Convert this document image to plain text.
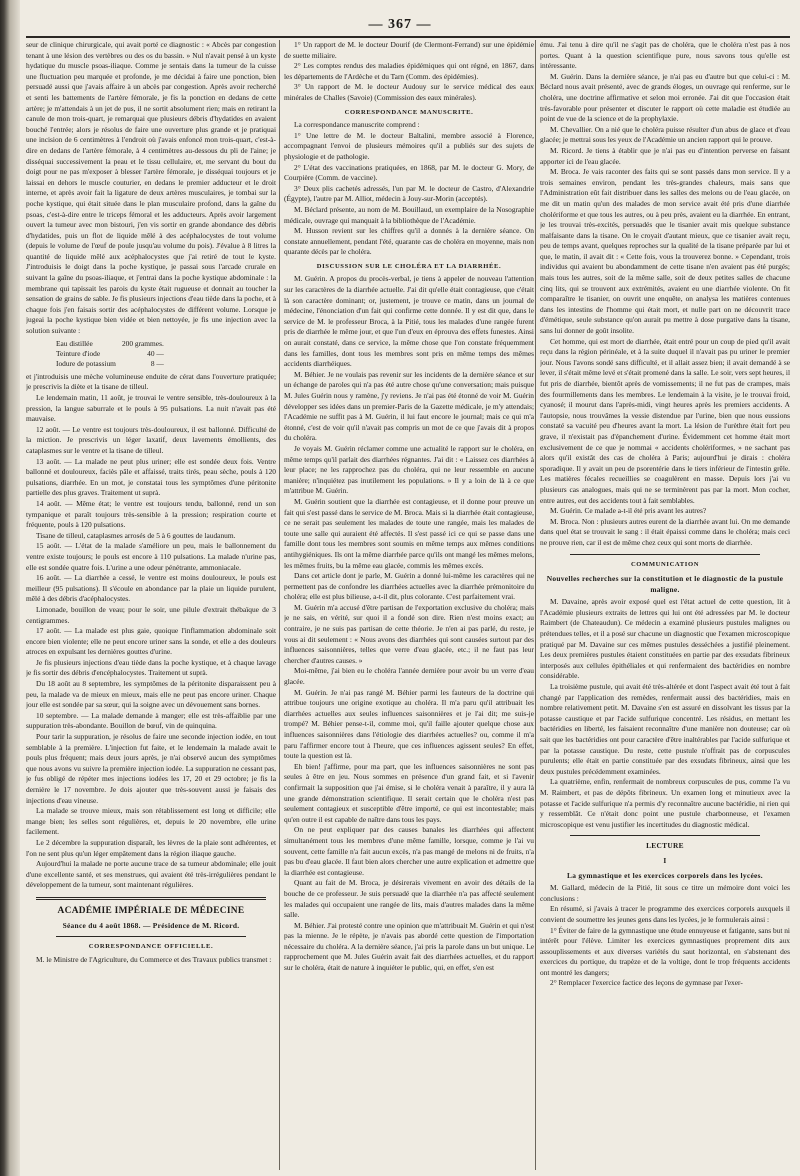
— 367 —

seur de clinique chirurgicale, qui avait porté ce diagnostic : « Abcès par congestion tenant à une lésion des vertèbres ou des os du bassin. » Nul n'avait pensé à un kyste hydatique du muscle psoas-iliaque. Comme je sentais dans la tumeur de la cuisse une fluctuation peu marquée et profonde, je me décidai à faire une ponction, bien persuadé aussi que j'avais affaire à un abcès par congestion. Après avoir recherché et senti les battements de l'artère fémorale, je fis la ponction en dedans de cette artère; je m'attendais à un jet de pus, il ne sortit absolument rien; mais en retirant la canule de mon trois-quart, je remarquai que plusieurs débris d'hydatides en avaient bouché l'entrée; alors je résolus de faire une ouverture plus grande et je pratiquai une incision de 6 centimètres à l'endroit où j'avais enfoncé mon trois-quart, c'est-à-dire en dedans de l'artère fémorale, à 4 centimètres au-dessous du pli de l'aine; je disséquai successivement la peau et le tissu cellulaire, et, me servant du bout du doigt pour ne pas m'exposer à blesser l'artère fémorale, je disséquai toujours et je laissai en dehors le muscle couturier, en dedans le premier adducteur et le droit interne, et après avoir fait la ligature de deux artères musculaires, je tombai sur la poche kystique, qui était située dans le plan musculaire profond, dans la gaîne du psoas, c'est-à-dire entre le triceps fémoral et les adducteurs. Après avoir largement ouvert la tumeur avec mon bistouri, j'en vis sortir en grande abondance des débris d'hydatides, puis un flot de liquide mêlé à des acéphalocystes de tout volume (depuis le volume de l'œuf de poule jusqu'au volume du pois). J'évalue à 8 litres la quantité de liquide mêlé aux acéphalocystes que j'ai retiré de tout le kyste. J'introduisis le doigt dans la poche kystique, je passai sous l'arcade crurale en suivant la gaîne du psoas-iliaque, et j'entrai dans la poche kystique abdominale : la membrane qui tapissait les parois du kyste était rugueuse et donnait au toucher la sensation de grains de sable. Je fis plusieurs injections d'eau tiède dans la poche, et à chaque fois j'en faisais sortir des acéphalocystes de différent volume. Lorsque je jugeai la poche kystique bien vidée et bien nettoyée, je fis une injection avec la solution suivante :

Eau distillée	200 grammes.
Teinture d'iode	40 —
Iodure de potassium	8 —

et j'introduisis une mèche volumineuse enduite de cérat dans l'ouverture pratiquée; je prescrivis la diète et la tisane de tilleul.

Le lendemain matin, 11 août, je trouvai le ventre sensible, très-douloureux à la pression, la langue saburrale et le pouls à 95 pulsations. La nuit n'avait pas été mauvaise.

12 août. — Le ventre est toujours très-douloureux, il est ballonné. Difficulté de la miction. Je prescrivis un léger laxatif, deux lavements émollients, des cataplasmes sur le ventre et la tisane de tilleul.

13 août. — La malade ne peut plus uriner; elle est sondée deux fois. Ventre ballonné et douloureux, faciès pâle et affaissé, traits tirés, peau sèche, pouls à 120 pulsations, diarrhée. En un mot, je constatai tous les symptômes d'une péritonite partielle des plus graves. Traitement ut suprà.

14 août. — Même état; le ventre est toujours tendu, ballonné, rend un son tympanique et paraît toujours très-sensible à la pression; respiration courte et fréquente, pouls à 120 pulsations.

Tisane de tilleul, cataplasmes arrosés de 5 à 6 gouttes de laudanum.

15 août. — L'état de la malade s'améliore un peu, mais le ballonnement du ventre existe toujours; le pouls est encore à 110 pulsations. La malade n'urine pas, elle est sondée quatre fois. L'urine a une odeur pénétrante, ammoniacale.

16 août. — La diarrhée a cessé, le ventre est moins douloureux, le pouls est meilleur (95 pulsations). Il s'écoule en abondance par la plaie un liquide purulent, mêlé à des débris d'acéphalocystes.

Limonade, bouillon de veau; pour le soir, une pilule d'extrait thébaïque de 3 centigrammes.

17 août. — La malade est plus gaie, quoique l'inflammation abdominale soit encore bien violente; elle ne peut encore uriner sans la sonde, et elle a des douleurs atroces en expulsant les dernières gouttes d'urine.

Je fis plusieurs injections d'eau tiède dans la poche kystique, et à chaque lavage je fis sortir des débris d'encéphalocystes. Traitement ut suprà.

Du 18 août au 8 septembre, les symptômes de la péritonite disparaissent peu à peu, la malade va de mieux en mieux, mais elle ne peut pas encore uriner. Chaque jour elle est sondée par sa sœur, qui la soigne avec un dévouement sans bornes.

10 septembre. — La malade demande à manger; elle est très-affaiblie par une suppuration très-abondante. Bouillon de bœuf, vin de quinquina.

Pour tarir la suppuration, je résolus de faire une seconde injection iodée, en tout semblable à la première. L'injection fut faite, et le lendemain la malade avait le pouls plus fréquent; mais deux jours après, je n'ai observé aucun des symptômes que nous avons vu suivre la première injection iodée. La suppuration ne cessant pas, je fus obligé de répéter mes injections iodées les 17, 20 et 29 octobre; je fis la dernière le 17 novembre. Je dois ajouter que très-souvent aussi je faisais des injections d'eau vineuse.

La malade se trouve mieux, mais son rétablissement est long et difficile; elle mange bien; les selles sont régulières, et, depuis le 20 novembre, elle urine facilement.

Le 2 décembre la suppuration disparaît, les lèvres de la plaie sont adhérentes, et l'on ne sent plus qu'un léger empâtement dans la région iliaque gauche.

Aujourd'hui la malade ne porte aucune trace de sa tumeur abdominale; elle jouit d'une excellente santé, et ses menstrues, qui avaient été très-irrégulières pendant le développement de la tumeur, sont maintenant régulières.

ACADÉMIE IMPÉRIALE DE MÉDECINE
Séance du 4 août 1868. — Présidence de M. Ricord.
CORRESPONDANCE OFFICIELLE.

M. le Ministre de l'Agriculture, du Commerce et des Travaux publics transmet :

1° Un rapport de M. le docteur Dourif (de Clermont-Ferrand) sur une épidémie de suette miliaire.

2° Les comptes rendus des maladies épidémiques qui ont régné, en 1867, dans les départements de l'Ardèche et du Tarn (Comm. des épidémies).

3° Un rapport de M. le docteur Audouy sur le service médical des eaux minérales de Challes (Savoie) (Commission des eaux minérales).

CORRESPONDANCE MANUSCRITE.

La correspondance manuscrite comprend :

1° Une lettre de M. le docteur Baltalini, membre associé à Florence, accompagnant l'envoi de plusieurs mémoires qu'il a publiés sur des sujets de physiologie et de pathologie.

2° L'état des vaccinations pratiquées, en 1868, par M. le docteur G. Mory, de Courpière (Comm. de vaccine).

3° Deux plis cachetés adressés, l'un par M. le docteur de Castro, d'Alexandrie (Égypte), l'autre par M. Alliot, médecin à Jouy-sur-Morin (acceptés).

M. Béclard présente, au nom de M. Bouillaud, un exemplaire de la Nosographie médicale, ouvrage qui manquait à la bibliothèque de l'Académie.

M. Husson revient sur les chiffres qu'il a donnés à la dernière séance. On constate annuellement, pendant l'été, quarante cas de choléra en moyenne, mais non quarante décès par le choléra.

DISCUSSION SUR LE CHOLÉRA ET LA DIARRHÉE.

M. Guérin. A propos du procès-verbal, je tiens à appeler de nouveau l'attention sur les caractères de la diarrhée actuelle. J'ai dit qu'elle était contagieuse, que c'était là son caractère dominant; or, justement, je trouve ce matin, dans un journal de médecine, l'énonciation d'un fait qui confirme cette donnée. Il y est dit que, dans le service de M. le professeur Broca, à la Pitié, tous les malades d'une rangée furent pris de diarrhée le même jour, et que l'un d'eux en éprouva des effets funestes. Ainsi on aurait constaté, dans ce service, la même chose que l'on constate fréquemment dans les familles, dont tous les membres sont pris en même temps des mêmes accidents diarrhéiques.

M. Béhier. Je ne voulais pas revenir sur les incidents de la dernière séance et sur un échange de paroles qui n'a pas été autre chose qu'une conversation; mais puisque M. Jules Guérin nous y ramène, j'y reviens. Je n'ai pas été étonné de voir M. Guérin développer ses idées dans un premier-Paris de la Gazette médicale, je m'y attendais; l'Académie ne suffit pas à M. Guérin, il lui faut encore le journal; mais ce qui m'a étonné, c'est de voir qu'il n'avait pas compris un mot de ce que j'avais dit à propos du choléra.

Je voyais M. Guérin réclamer comme une actualité le rapport sur le choléra, en même temps qu'il parlait des diarrhées régnantes. J'ai dit : « Laissez ces diarrhées à leur place; ne les rapprochez pas du choléra, qui ne leur ressemble en aucune manière; n'inquiétez pas inutilement les populations. » Il y a loin de là à ce que m'attribue M. Guérin.

M. Guérin soutient que la diarrhée est contagieuse, et il donne pour preuve un fait qui s'est passé dans le service de M. Broca. Mais si la diarrhée était contagieuse, ce ne serait pas seulement les malades de toute une rangée, mais les malades de toute une salle qui auraient été affectés. Il s'est passé ici ce qui se passe dans une famille dont tous les membres sont soumis en même temps aux mêmes conditions antihygiéniques. Ils ont la même diarrhée parce qu'ils ont mangé les mêmes melons, les mêmes fruits, bu la même eau glacée, commis les mêmes excès.

Dans cet article dont je parle, M. Guérin a donné lui-même les caractères qui ne permettent pas de confondre les diarrhées actuelles avec la diarrhée prémonitoire du choléra; elle est plus bilieuse, a-t-il dit, plus colorante. C'est parfaitement vrai.

M. Guérin m'a accusé d'être partisan de l'exportation exclusive du choléra; mais je ne sais, en vérité, sur quoi il a fondé son dire. Rien n'est moins exact; au contraire, je ne suis pas partisan de cette théorie. Je n'en ai pas parlé, du reste, je vous ai dit seulement : « Nous avons des diarrhées qui sont causées surtout par des influences saisonnières, telles que verre d'eau glacée, etc.; il ne faut pas leur chercher d'autres causes. »

Moi-même, j'ai bien eu le choléra l'année dernière pour avoir bu un verre d'eau glacée.

M. Guérin. Je n'ai pas rangé M. Béhier parmi les fauteurs de la doctrine qui attribue toujours une origine exotique au choléra. Il m'a paru qu'il attribuait les diarrhées actuelles aux seules influences saisonnières et je l'ai dit; me suis-je trompé? M. Béhier pense-t-il, comme moi, qu'il faille ajouter quelque chose aux influences saisonnières dans l'étiologie des diarrhées actuelles? ou, comme il m'a paru l'affirmer encore tout à l'heure, que ces influences agissent seules? En effet, toute la question est là.

Eh bien! j'affirme, pour ma part, que les influences saisonnières ne sont pas seules à être en jeu. Nous sommes en présence d'un grand fait, et si l'avenir confirmait la supposition que j'ai émise, si le choléra venait à paraître, il y aura là une grande démonstration scientifique. Il serait certain que le choléra n'est pas seulement contagieux et susceptible d'être importé, ce qui est incontestable; mais qu'en outre il est capable de naître dans tous les pays.

On ne peut expliquer par des causes banales les diarrhées qui affectent simultanément tous les membres d'une même famille, lorsque, comme je l'ai vu souvent, cette famille n'a fait aucun excès, n'a pas mangé de melons ni de fruits, n'a pas bu d'eau glacée. Il faut bien alors chercher une autre explication et admettre que la diarrhée est contagieuse.

Quant au fait de M. Broca, je désirerais vivement en avoir des détails de la bouche de ce professeur. Je suis persuadé que la diarrhée n'a pas affecté seulement les malades qui occupaient une rangée de lits, mais d'autres malades dans la même salle.

M. Béhier. J'ai protesté contre une opinion que m'attribuait M. Guérin et qui n'est pas la mienne. Je le répète, je n'avais pas abordé cette question de l'importation nécessaire du choléra. A la dernière séance, j'ai pris la parole dans un but unique. Le rapprochement que M. Jules Guérin avait fait des diarrhées actuelles, et du rapport sur le choléra, était de nature à inquiéter le public, qui, en effet, s'en est

ému. J'ai tenu à dire qu'il ne s'agit pas de choléra, que le choléra n'est pas à nos portes. Quant à la question scientifique pure, nous savons tous qu'elle est intéressante.

M. Guérin. Dans la dernière séance, je n'ai pas eu d'autre but que celui-ci : M. Béclard nous avait présenté, avec de grands éloges, un ouvrage qui renferme, sur le choléra, une doctrine affirmative et selon moi erronée. J'ai dit que l'occasion était très-favorable pour présenter et discuter le rapport où cette maladie est étudiée au point de vue de la science et de la prophylaxie.

M. Chevallier. On a nié que le choléra puisse résulter d'un abus de glace et d'eau glacée; je mettrai sous les yeux de l'Académie un ancien rapport qui le prouve.

M. Ricord. Je tiens à établir que je n'ai pas eu d'intention perverse en faisant apporter ici de l'eau glacée.

M. Broca. Je vais raconter des faits qui se sont passés dans mon service. Il y a trois semaines environ, pendant les très-grandes chaleurs, mais sans que l'Administration eût fait distribuer dans les salles des melons ou de l'eau glacée, on me dit un matin qu'un des malades de mon service avait été pris d'une diarrhée cholériforme et que tous les autres, ou à peu près, avaient eu la diarrhée. En entrant, je les trouvai très-excités, persuadés que le tisanier avait mis quelque substance malfaisante dans la tisane. On le croyait d'autant mieux, que ce tisanier avait reçu, peu de temps avant, quelques reproches sur la qualité de la tisane préparée par lui et que, le matin, il avait dit : « Cette fois, vous la trouverez bonne. » Cependant, trois individus qui avaient bu abondamment de cette tisane n'en avaient pas été purgés; mais tous les autres, soit de la même salle, soit de deux petites salles de chacune cinq lits, qui se trouvent aux extrémités, avaient eu une diarrhée violente. On fit comparaître le tisanier, on ouvrit une enquête, on analysa les matières contenues dans les intestins de l'homme qui était mort, et nulle part on ne découvrit trace d'émétique, seule substance qu'on aurait pu mettre à dose purgative dans la tisane, sans lui donner de goût insolite.

Cet homme, qui est mort de diarrhée, était entré pour un coup de pied qu'il avait reçu dans la région périnéale, et à la suite duquel il n'avait pas pu uriner le premier jour. Nous l'avons sondé sans difficulté, et il allait assez bien; il avait demandé à se lever, il s'était même levé et s'était promené dans la salle. Le soir, vers sept heures, il fut pris de diarrhée, bientôt après de vomissements; il ne fut pas de crampes, mais des fourmillements dans les membres. Le lendemain à la visite, je le trouvai froid, cyanosé; il mourut dans l'après-midi, vingt heures après les premiers accidents. A l'autopsie, nous trouvâmes la vessie distendue par l'urine, bien que nous eussions constaté sa vacuité peu d'heures avant la mort. La lésion de l'urèthre était fort peu grave, il n'existait pas d'épanchement d'urine. Évidemment cet homme était mort exclusivement de ce que je nommai « accidents cholériformes, » ne sachant pas alors qu'il existât des cas de choléra à Paris; aujourd'hui je dirais : choléra sporadique. Il y avait un peu de psorentérie dans le tiers inférieur de l'intestin grêle. Les matières fécales recueillies se coagulèrent en masse. Depuis lors j'ai vu plusieurs cas analogues, mais qui ne se terminèrent pas par la mort. Mon cocher, entre autres, eut des accidents tout à fait semblables.

M. Guérin. Ce malade a-t-il été pris avant les autres?

M. Broca. Non : plusieurs autres eurent de la diarrhée avant lui. On me demande dans quel état se trouvait le sang : il était épaissi comme dans le choléra; mais ceci ne prouve rien, car il est de même chez ceux qui sont morts de diarrhée.

COMMUNICATION
Nouvelles recherches sur la constitution et le diagnostic de la pustule maligne.

M. Davaine, après avoir exposé quel est l'état actuel de cette question, lit à l'Académie plusieurs extraits de lettres qui lui ont été adressées par M. le docteur Raimbert (de Chateaudun). Ce médecin a examiné plusieurs pustules malignes ou prétendues telles, et il a posé sur chacune un diagnostic que l'examen microscopique pratiqué par M. Davaine sur ces mêmes pustules desséchées a justifié pleinement. Les deux premières pustules étaient constituées en partie par des exsudats fibrineux interposés aux cellules épithéliales et qui renfermaient des bactéridies en nombre considérable.

La troisième pustule, qui avait été très-altérée et dont l'aspect avait été tout à fait changé par l'application des remèdes, renfermait aussi des bactéridies, mais en nombre relativement petit. M. Davaine s'en est assuré en dissolvant les tissus par la potasse caustique et par l'acide sulfurique concentré. Les résidus, en mettant les bactéridies en liberté, les faisaient reconnaître d'une manière non douteuse; car où sait que les bactéridies ont pour caractère d'être inaltérables par l'acide sulfurique et par la potasse caustique. Du reste, cette pustule n'offrait pas de corpuscules purulents; elle était en partie constituée par des exsudats fibrineux, ainsi que les deux pustules précédemment examinées.

La quatrième, enfin, renfermait de nombreux corpuscules de pus, comme l'a vu M. Raimbert, et pas de dépôts fibrineux. Un examen long et minutieux avec la potasse et l'acide sulfurique n'a permis d'y reconnaître aucune bactéridie, ni rien qui y ressemblât. Ce n'était donc point une pustule charbonneuse, et l'examen microscopique est venu justifier les incertitudes du diagnostic médical.

LECTURE
I
La gymnastique et les exercices corporels dans les lycées.

M. Gallard, médecin de la Pitié, lit sous ce titre un mémoire dont voici les conclusions :

En résumé, si j'avais à tracer le programme des exercices corporels auxquels il convient de soumettre les jeunes gens dans les lycées, je le formulerais ainsi :

1° Éviter de faire de la gymnastique une étude ennuyeuse et fatigante, sans but ni intérêt pour l'élève. Limiter les exercices gymnastiques proprement dits aux assouplissements et aux diverses variétés du saut horizontal, en s'abstenant des exercices du portique, du trapèze et de la voltige, dont le trop fréquents accidents ont montré les dangers;

2° Remplacer l'exercice factice des leçons de gymnase par l'exer-
